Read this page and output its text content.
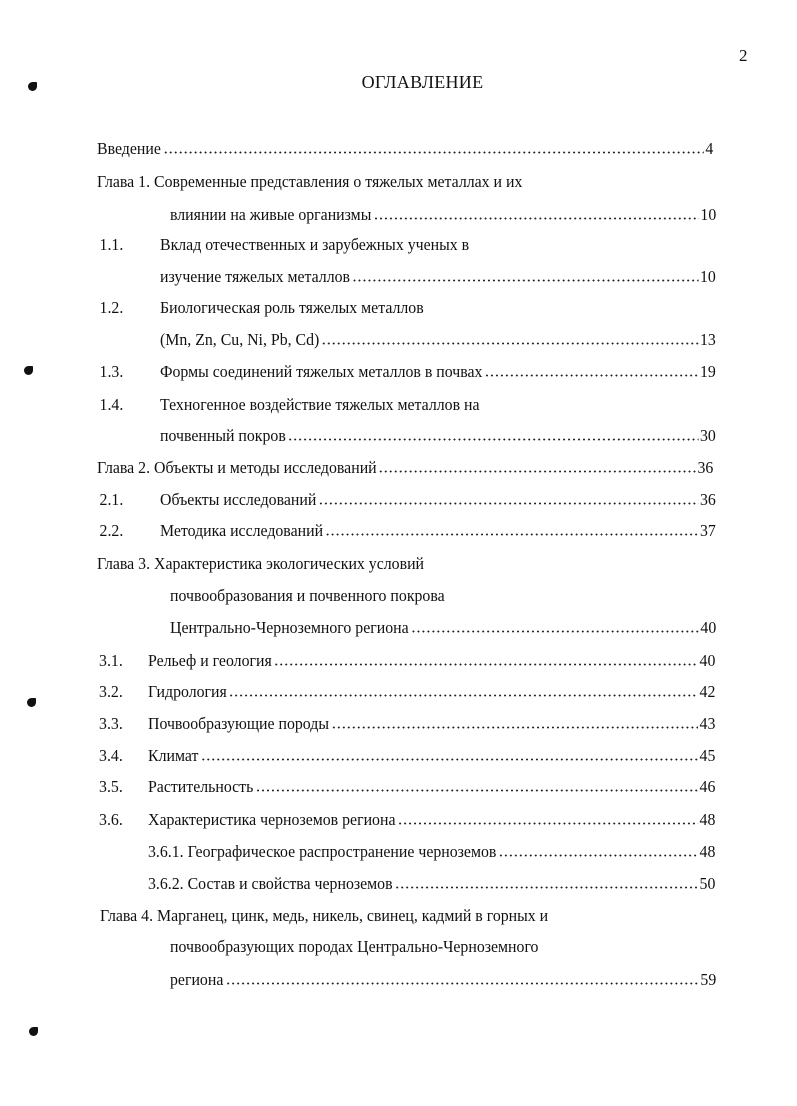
2
ОГЛАВЛЕНИЕ
Введение	4
Глава 1. Современные представления о тяжелых металлах и их
влиянии на живые организмы	10
1.1. Вклад отечественных и зарубежных ученых в
изучение тяжелых металлов	10
1.2. Биологическая роль тяжелых металлов
(Mn, Zn, Cu, Ni, Pb, Cd)	13
1.3. Формы соединений тяжелых металлов в почвах	19
1.4. Техногенное воздействие тяжелых металлов на
почвенный покров	30
Глава 2. Объекты и методы исследований	36
2.1. Объекты исследований	36
2.2. Методика исследований	37
Глава 3. Характеристика экологических условий
почвообразования и почвенного покрова
Центрально-Черноземного региона	40
3.1. Рельеф и геология	40
3.2. Гидрология	42
3.3. Почвообразующие породы	43
3.4. Климат	45
3.5. Растительность	46
3.6. Характеристика черноземов региона	48
3.6.1. Географическое распространение черноземов	48
3.6.2. Состав и свойства черноземов	50
Глава 4. Марганец, цинк, медь, никель, свинец, кадмий в горных и
почвообразующих породах Центрально-Черноземного
региона	59
